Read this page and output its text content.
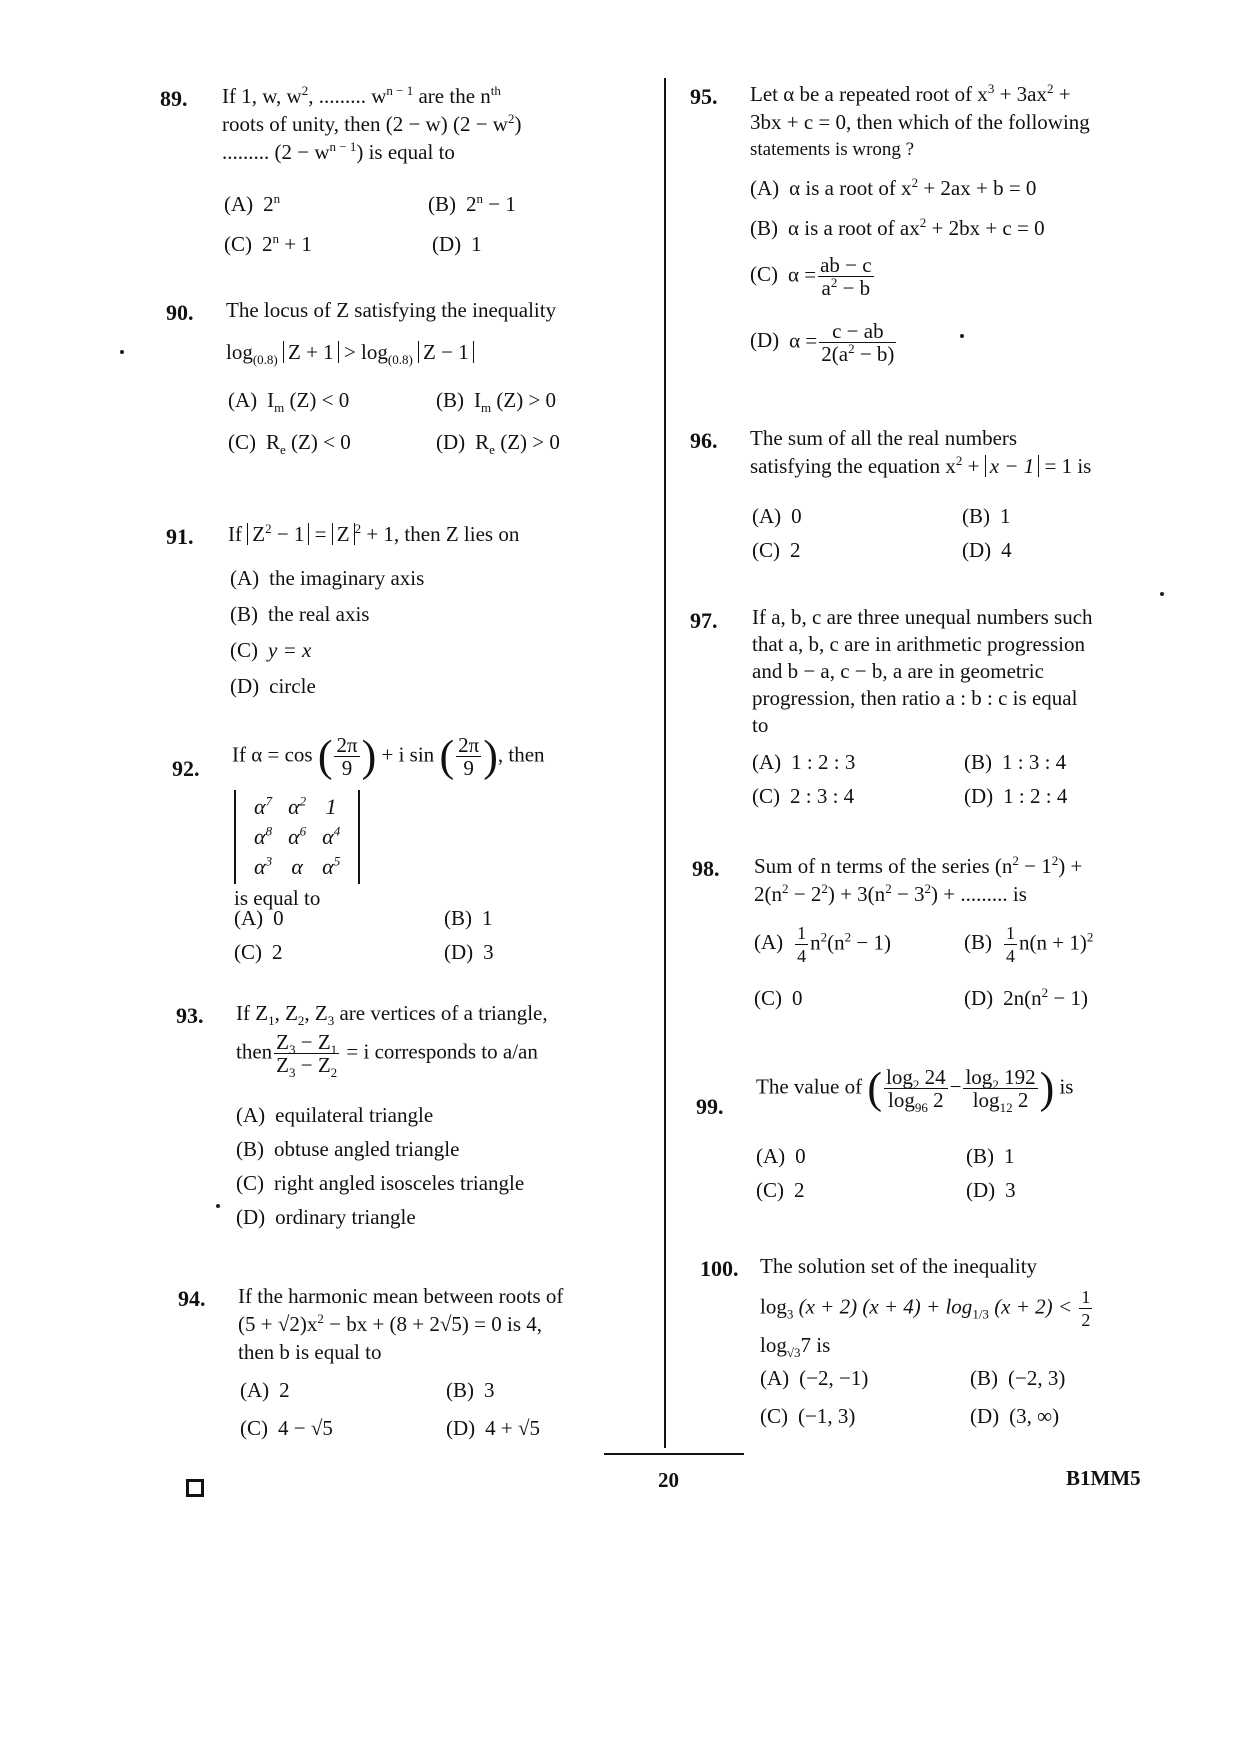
89. If 1, w, $w^2$, ......... $w^{n - 1}$ are the $n^{th}$
roots of unity, then (2 − w) $(2 - w^2)$
......... $(2 - w^{n - 1})$ is equal to
(A) 2$^n$	(B) $2^n - 1$
(C) $2^n + 1$	(D) 1
90. The locus of Z satisfying the inequality
$\log_{(0.8)} Z + 1 > \log_{(0.8)} Z - 1$
(A) $I_m$ (Z) < 0	(B) $I_m$ (Z) > 0
(C) $R_e$ (Z) < 0	(D) $R_e$ (Z) > 0
91. If $Z^2 - 1 = Z$ $^2$ + 1, then Z lies on
(A) the imaginary axis
(B) the real axis
(C) y = x
(D) circle
92.
If α = cos ( $\frac{2\pi}{9}$ ) + i sin ( $\frac{2\pi}{9}$ ), then
$\alpha^7$	$\alpha^2$	1
$\alpha^8$	$\alpha^6$	$\alpha^4$
$\alpha^3$	α	$\alpha^5$
is equal to
(A) 0	(B) 1
(C) 2	(D) 3
93. If $Z_1$, $Z_2$, $Z_3$ are vertices of a triangle,
then $\frac{Z_3 - Z_1}{Z_3 - Z_2} = i$ corresponds to a/an
(A) equilateral triangle
(B) obtuse angled triangle
(C) right angled isosceles triangle
(D) ordinary triangle
94. If the harmonic mean between roots of
$(5 + √2)x^2$ − bx + (8 + 2√5) = 0 is 4,
then b is equal to
(A) 2	(B) 3
(C) 4 − √5	(D) 4 + √5
95. Let α be a repeated root of $x^3 + 3ax^2$ +
3bx + c = 0, then which of the following
statements is wrong ?
(A) α is a root of $x^2 + 2ax + b = 0$
(B) α is a root of $ax^2 + 2bx + c = 0$
(C) $\alpha = \frac{ab - c}{a^2 - b}$
(D) $\alpha = \frac{c - ab}{2(a^2 - b)}$
96. The sum of all the real numbers
satisfying the equation $x^2 + x - 1 = 1$ is
(A) 0	(B) 1
(C) 2	(D) 4
97. If a, b, c are three unequal numbers such
that a, b, c are in arithmetic progression
and b − a, c − b, a are in geometric
progression, then ratio a : b : c is equal
to
(A) 1 : 2 : 3	(B) 1 : 3 : 4
(C) 2 : 3 : 4	(D) 1 : 2 : 4
98. Sum of n terms of the series $(n^2 - 1^2)$ +
$2(n^2 - 2^2) + 3(n^2 - 3^2)$ + ......... is
$(A) \frac{1}{4} n^2(n^2 - 1)$	$(B) \frac{1}{4} n(n + 1)^2$
(C) 0	(D) $2n(n^2 - 1)$
99.
The value of ( $\frac{\log_2 24}{\log_{96} 2} - \frac{\log_2 192}{\log_{12} 2}$ ) is
(A) 0	(B) 1
(C) 2	(D) 3
100. The solution set of the inequality
$\log_3 (x + 2) (x + 4) + \log_{1/3} (x + 2) < \frac{1}{2}$
$\log_{√3}7$ is
(A) (−2, −1)	(B) (−2, 3)
(C) (−1, 3)	(D) (3, ∞)
20	B1MM5
